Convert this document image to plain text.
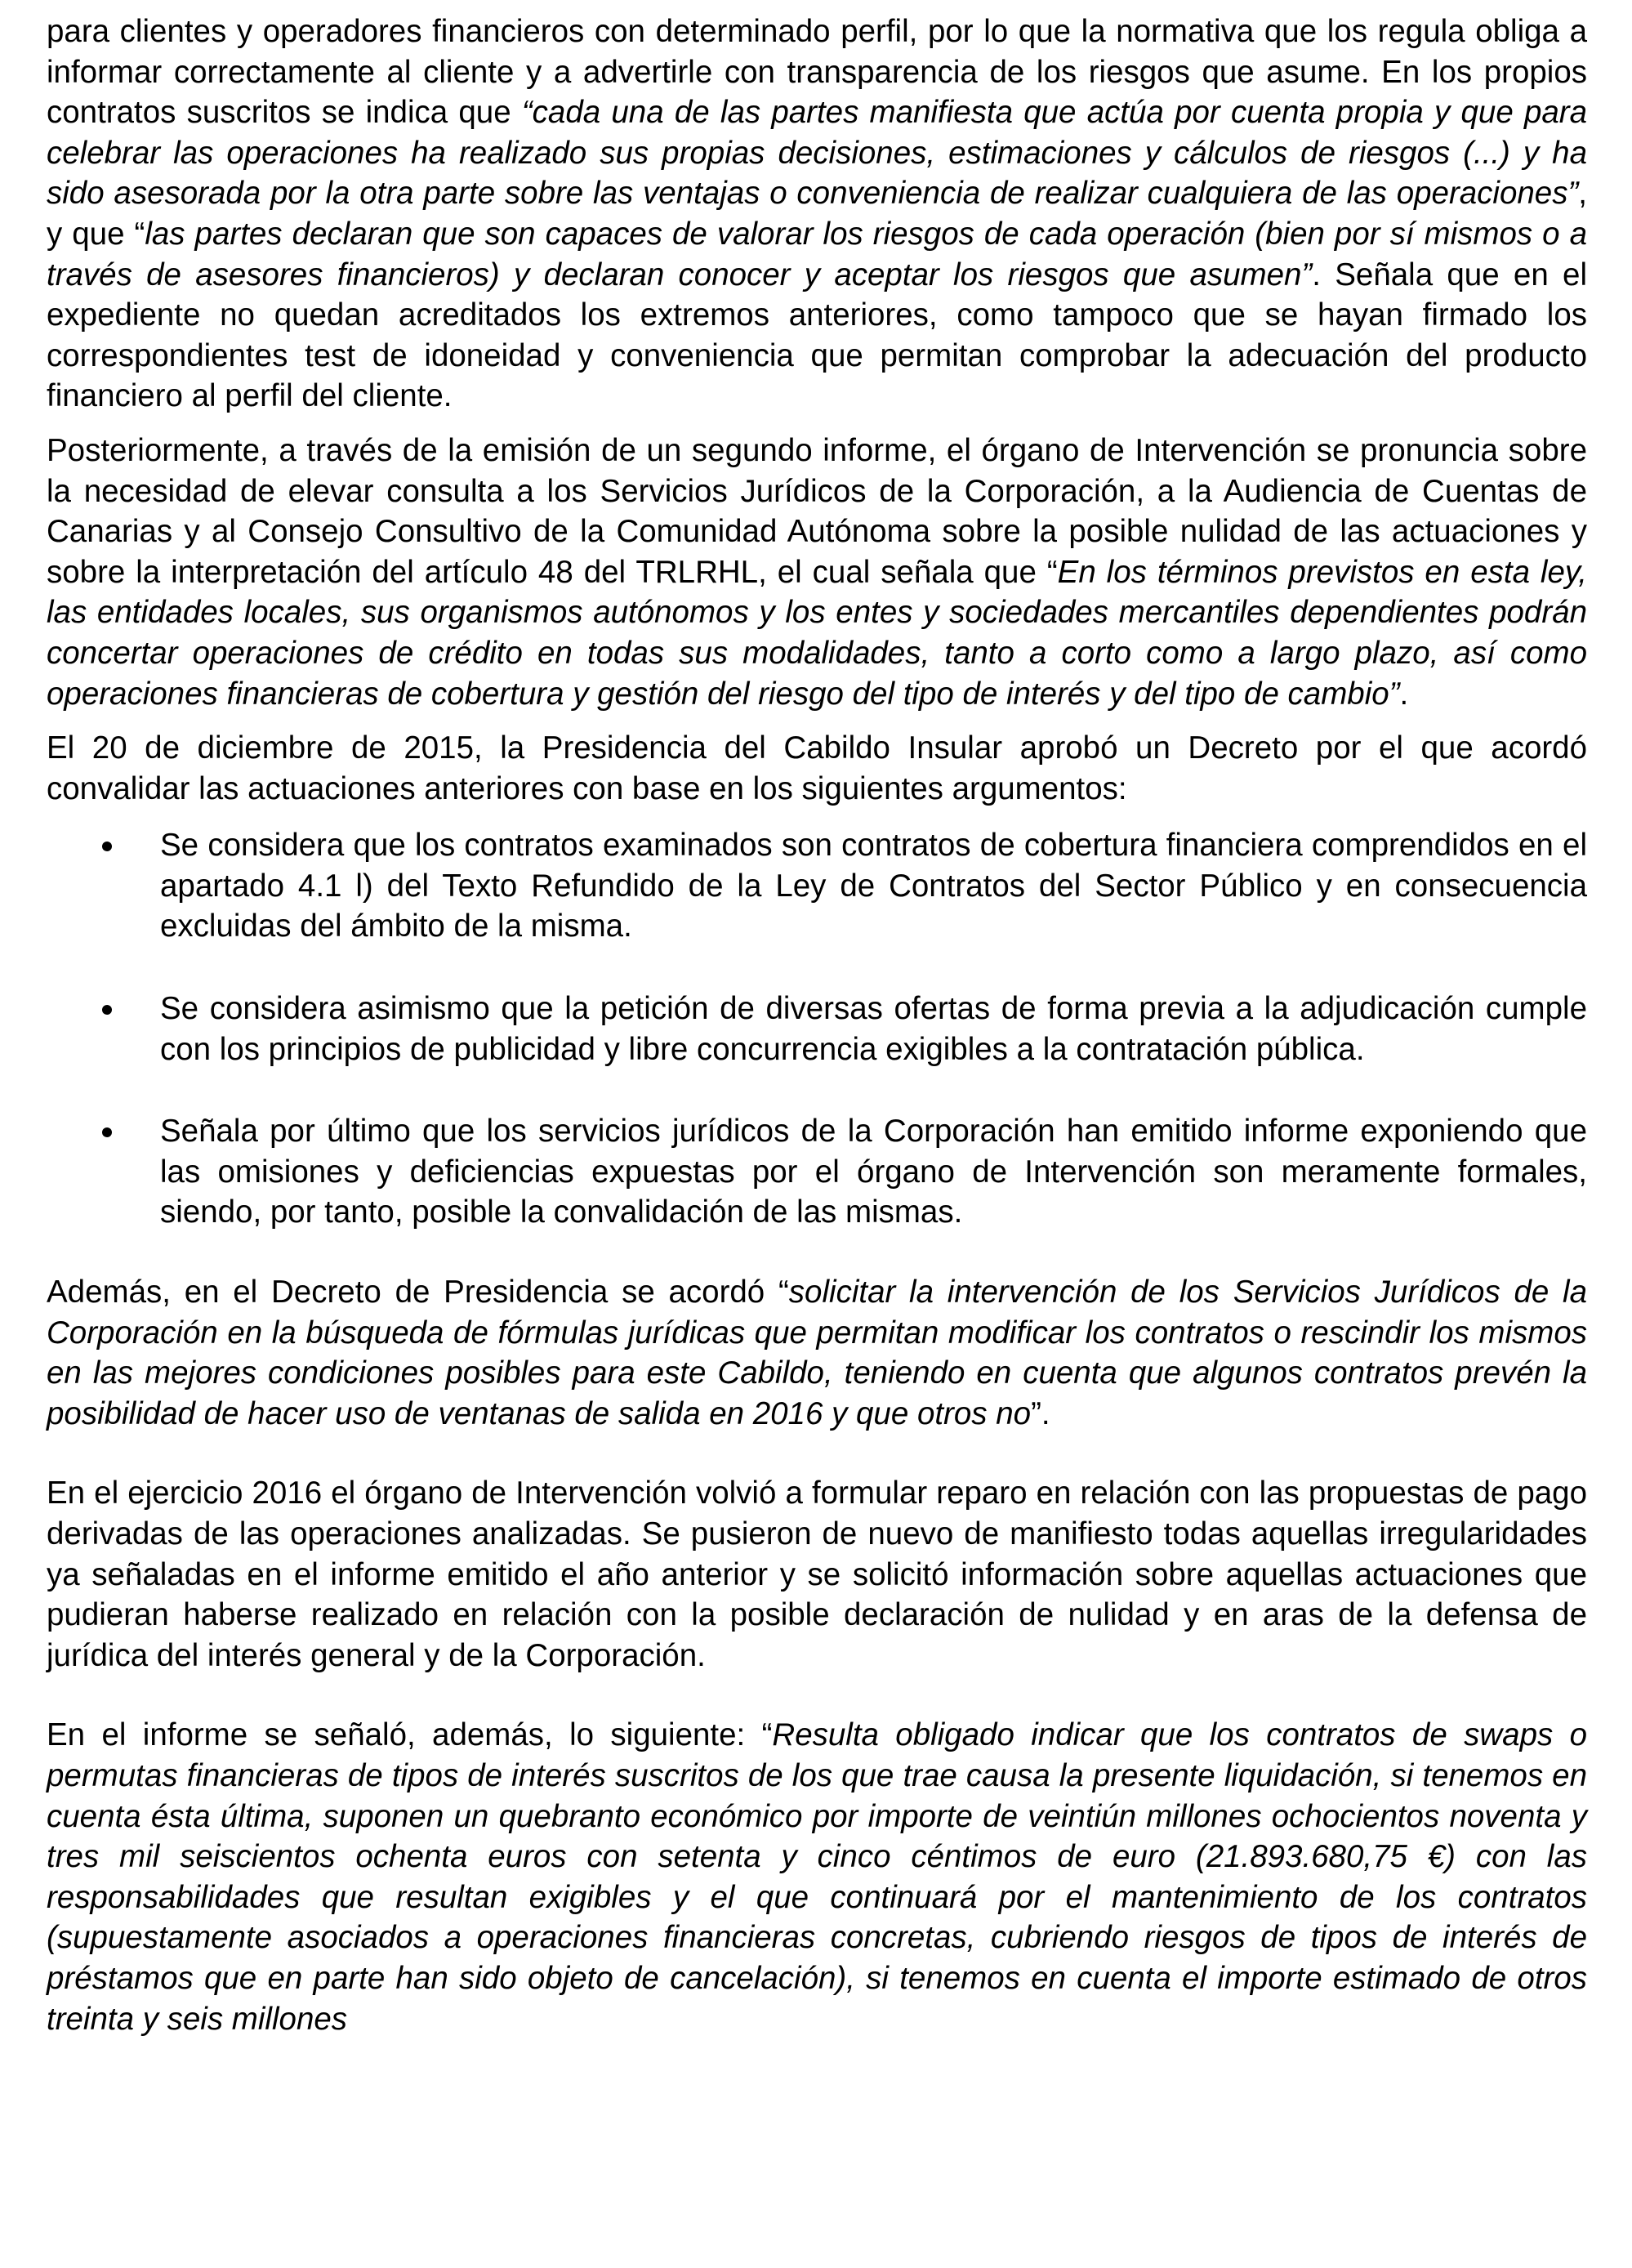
para clientes y operadores financieros con determinado perfil, por lo que la normativa que los regula obliga a informar correctamente al cliente y a advertirle con transparencia de los riesgos que asume. En los propios contratos suscritos se indica que “cada una de las partes manifiesta que actúa por cuenta propia y que para celebrar las operaciones ha realizado sus propias decisiones, estimaciones y cálculos de riesgos (...) y ha sido asesorada por la otra parte sobre las ventajas o conveniencia de realizar cualquiera de las operaciones”, y que “las partes declaran que son capaces de valorar los riesgos de cada operación (bien por sí mismos o a través de asesores financieros) y declaran conocer y aceptar los riesgos que asumen”. Señala que en el expediente no quedan acreditados los extremos anteriores, como tampoco que se hayan firmado los correspondientes test de idoneidad y conveniencia que permitan comprobar la adecuación del producto financiero al perfil del cliente.

Posteriormente, a través de la emisión de un segundo informe, el órgano de Intervención se pronuncia sobre la necesidad de elevar consulta a los Servicios Jurídicos de la Corporación, a la Audiencia de Cuentas de Canarias y al Consejo Consultivo de la Comunidad Autónoma sobre la posible nulidad de las actuaciones y sobre la interpretación del artículo 48 del TRLRHL, el cual señala que “En los términos previstos en esta ley, las entidades locales, sus organismos autónomos y los entes y sociedades mercantiles dependientes podrán concertar operaciones de crédito en todas sus modalidades, tanto a corto como a largo plazo, así como operaciones financieras de cobertura y gestión del riesgo del tipo de interés y del tipo de cambio”.

El 20 de diciembre de 2015, la Presidencia del Cabildo Insular aprobó un Decreto por el que acordó convalidar las actuaciones anteriores con base en los siguientes argumentos:

Se considera que los contratos examinados son contratos de cobertura financiera comprendidos en el apartado 4.1 l) del Texto Refundido de la Ley de Contratos del Sector Público y en consecuencia excluidas del ámbito de la misma.
Se considera asimismo que la petición de diversas ofertas de forma previa a la adjudicación cumple con los principios de publicidad y libre concurrencia exigibles a la contratación pública.
Señala por último que los servicios jurídicos de la Corporación han emitido informe exponiendo que las omisiones y deficiencias expuestas por el órgano de Intervención son meramente formales, siendo, por tanto, posible la convalidación de las mismas.

Además, en el Decreto de Presidencia se acordó “solicitar la intervención de los Servicios Jurídicos de la Corporación en la búsqueda de fórmulas jurídicas que permitan modificar los contratos o rescindir los mismos en las mejores condiciones posibles para este Cabildo, teniendo en cuenta que algunos contratos prevén la posibilidad de hacer uso de ventanas de salida en 2016 y que otros no”.

En el ejercicio 2016 el órgano de Intervención volvió a formular reparo en relación con las propuestas de pago derivadas de las operaciones analizadas. Se pusieron de nuevo de manifiesto todas aquellas irregularidades ya señaladas en el informe emitido el año anterior y se solicitó información sobre aquellas actuaciones que pudieran haberse realizado en relación con la posible declaración de nulidad y en aras de la defensa de jurídica del interés general y de la Corporación.

En el informe se señaló, además, lo siguiente: “Resulta obligado indicar que los contratos de swaps o permutas financieras de tipos de interés suscritos de los que trae causa la presente liquidación, si tenemos en cuenta ésta última, suponen un quebranto económico por importe de veintiún millones ochocientos noventa y tres mil seiscientos ochenta euros con setenta y cinco céntimos de euro (21.893.680,75 €) con las responsabilidades que resultan exigibles y el que continuará por el mantenimiento de los contratos (supuestamente asociados a operaciones financieras concretas, cubriendo riesgos de tipos de interés de préstamos que en parte han sido objeto de cancelación), si tenemos en cuenta el importe estimado de otros treinta y seis millones
